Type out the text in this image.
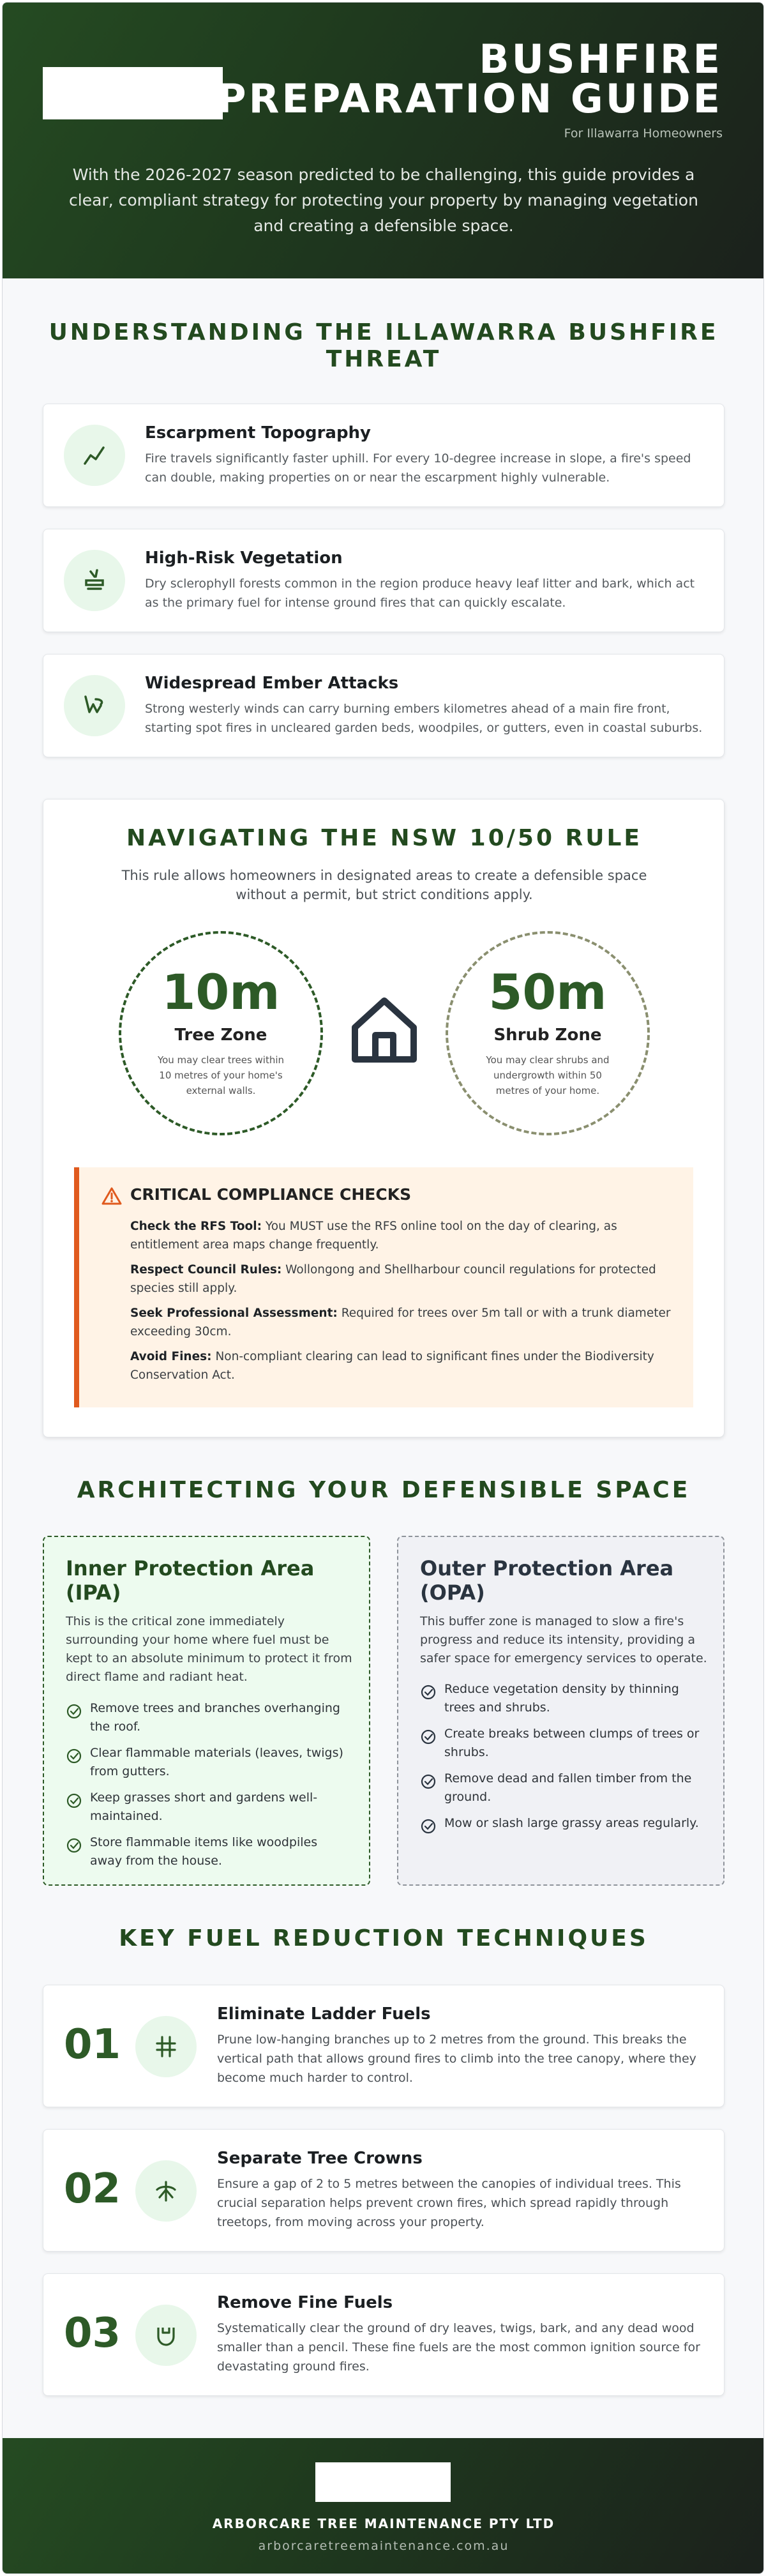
BUSHFIRE
PREPARATION GUIDE
For Illawarra Homeowners
With the 2026-2027 season predicted to be challenging, this guide provides a clear, compliant strategy for protecting your property by managing vegetation and creating a defensible space.
UNDERSTANDING THE ILLAWARRA BUSHFIRE THREAT
Escarpment Topography
Fire travels significantly faster uphill. For every 10-degree increase in slope, a fire's speed can double, making properties on or near the escarpment highly vulnerable.
High-Risk Vegetation
Dry sclerophyll forests common in the region produce heavy leaf litter and bark, which act as the primary fuel for intense ground fires that can quickly escalate.
Widespread Ember Attacks
Strong westerly winds can carry burning embers kilometres ahead of a main fire front, starting spot fires in uncleared garden beds, woodpiles, or gutters, even in coastal suburbs.
NAVIGATING THE NSW 10/50 RULE
This rule allows homeowners in designated areas to create a defensible space without a permit, but strict conditions apply.
10m
Tree Zone
You may clear trees within 10 metres of your home's external walls.
50m
Shrub Zone
You may clear shrubs and undergrowth within 50 metres of your home.
CRITICAL COMPLIANCE CHECKS
Check the RFS Tool: You MUST use the RFS online tool on the day of clearing, as entitlement area maps change frequently.
Respect Council Rules: Wollongong and Shellharbour council regulations for protected species still apply.
Seek Professional Assessment: Required for trees over 5m tall or with a trunk diameter exceeding 30cm.
Avoid Fines: Non-compliant clearing can lead to significant fines under the Biodiversity Conservation Act.
ARCHITECTING YOUR DEFENSIBLE SPACE
Inner Protection Area (IPA)
This is the critical zone immediately surrounding your home where fuel must be kept to an absolute minimum to protect it from direct flame and radiant heat.
Remove trees and branches overhanging the roof.
Clear flammable materials (leaves, twigs) from gutters.
Keep grasses short and gardens well-maintained.
Store flammable items like woodpiles away from the house.
Outer Protection Area (OPA)
This buffer zone is managed to slow a fire's progress and reduce its intensity, providing a safer space for emergency services to operate.
Reduce vegetation density by thinning trees and shrubs.
Create breaks between clumps of trees or shrubs.
Remove dead and fallen timber from the ground.
Mow or slash large grassy areas regularly.
KEY FUEL REDUCTION TECHNIQUES
01
Eliminate Ladder Fuels
Prune low-hanging branches up to 2 metres from the ground. This breaks the vertical path that allows ground fires to climb into the tree canopy, where they become much harder to control.
02
Separate Tree Crowns
Ensure a gap of 2 to 5 metres between the canopies of individual trees. This crucial separation helps prevent crown fires, which spread rapidly through treetops, from moving across your property.
03
Remove Fine Fuels
Systematically clear the ground of dry leaves, twigs, bark, and any dead wood smaller than a pencil. These fine fuels are the most common ignition source for devastating ground fires.
ARBORCARE TREE MAINTENANCE PTY LTD
arborcaretreemaintenance.com.au
